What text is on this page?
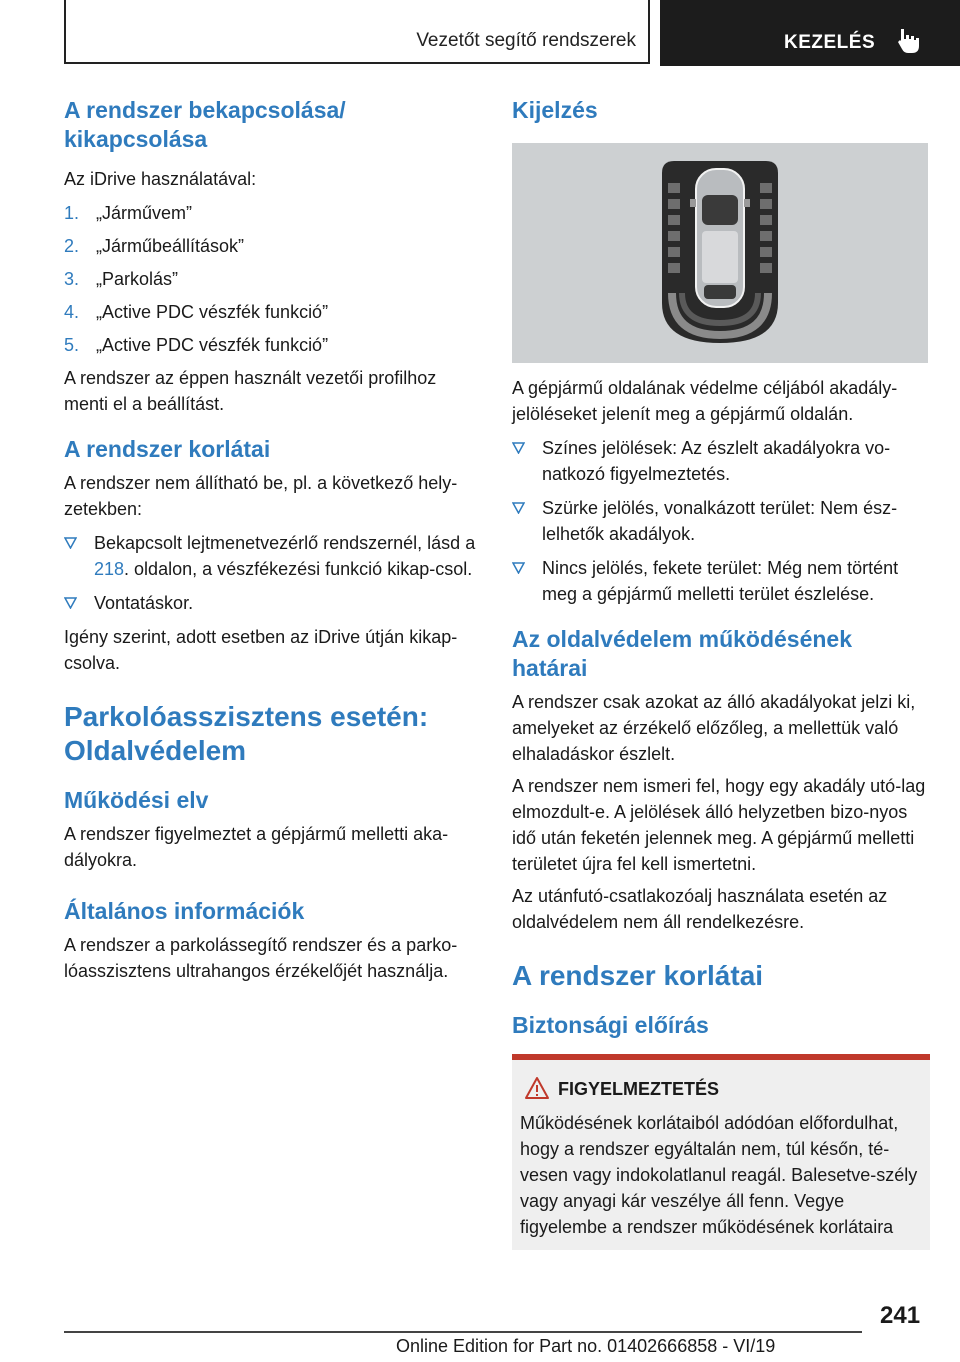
Vezetőt segítő rendszerek	KEZELÉS
A rendszer bekapcsolása/ kikapcsolása

Az iDrive használatával:

1. „Járművem”
2. „Járműbeállítások”
3. „Parkolás”
4. „Active PDC vészfék funkció”
5. „Active PDC vészfék funkció”

A rendszer az éppen használt vezetői profilhoz menti el a beállítást.

A rendszer korlátai

A rendszer nem állítható be, pl. a következő hely-zetekben:

Bekapcsolt lejtmenetvezérlő rendszernél, lásd a 218. oldalon, a vészfékezési funkció kikap-csol.
Vontatáskor.

Igény szerint, adott esetben az iDrive útján kikap-csolva.

Parkolóasszisztens esetén: Oldalvédelem
Működési elv

A rendszer figyelmeztet a gépjármű melletti aka-dályokra.

Általános információk

A rendszer a parkolássegítő rendszer és a parko-lóasszisztens ultrahangos érzékelőjét használja.

Kijelzés

A gépjármű oldalának védelme céljából akadály-jelöléseket jelenít meg a gépjármű oldalán.

Színes jelölések: Az észlelt akadályokra vo-natkozó figyelmeztetés.
Szürke jelölés, vonalkázott terület: Nem ész-lelhetők akadályok.
Nincs jelölés, fekete terület: Még nem történt meg a gépjármű melletti terület észlelése.
Az oldalvédelem működésének határai

A rendszer csak azokat az álló akadályokat jelzi ki, amelyeket az érzékelő előzőleg, a mellettük való elhaladáskor észlelt.

A rendszer nem ismeri fel, hogy egy akadály utó-lag elmozdult-e. A jelölések álló helyzetben bizo-nyos idő után feketén jelennek meg. A gépjármű melletti területet újra fel kell ismertetni.

Az utánfutó-csatlakozóalj használata esetén az oldalvédelem nem áll rendelkezésre.

A rendszer korlátai
Biztonsági előírás
FIGYELMEZTETÉS

Működésének korlátaiból adódóan előfordulhat, hogy a rendszer egyáltalán nem, túl későn, té-vesen vagy indokolatlanul reagál. Balesetve-szély vagy anyagi kár veszélye áll fenn. Vegye figyelembe a rendszer működésének korlátaira

241
Online Edition for Part no. 01402666858 - VI/19
